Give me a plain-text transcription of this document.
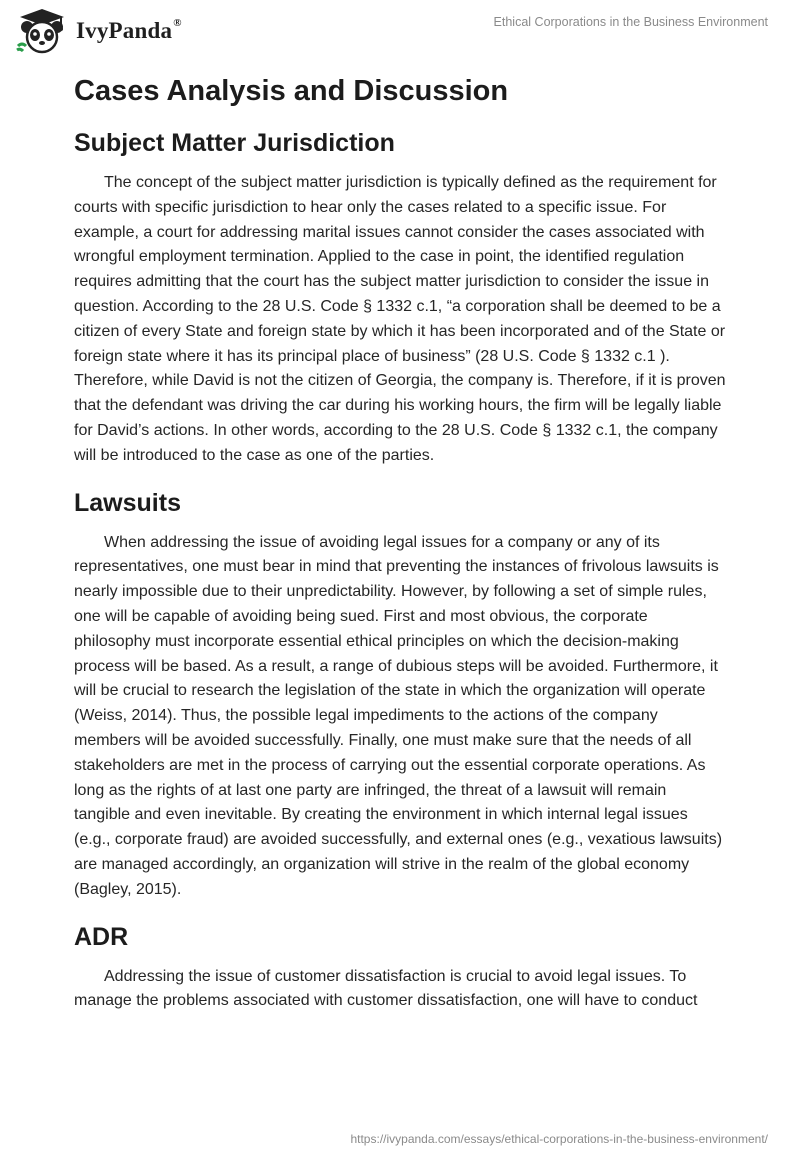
IvyPanda®	Ethical Corporations in the Business Environment
Cases Analysis and Discussion
Subject Matter Jurisdiction

The concept of the subject matter jurisdiction is typically defined as the requirement for courts with specific jurisdiction to hear only the cases related to a specific issue. For example, a court for addressing marital issues cannot consider the cases associated with wrongful employment termination. Applied to the case in point, the identified regulation requires admitting that the court has the subject matter jurisdiction to consider the issue in question. According to the 28 U.S. Code § 1332 c.1, “a corporation shall be deemed to be a citizen of every State and foreign state by which it has been incorporated and of the State or foreign state where it has its principal place of business” (28 U.S. Code § 1332 c.1 ). Therefore, while David is not the citizen of Georgia, the company is. Therefore, if it is proven that the defendant was driving the car during his working hours, the firm will be legally liable for David’s actions. In other words, according to the 28 U.S. Code § 1332 c.1, the company will be introduced to the case as one of the parties.

Lawsuits

When addressing the issue of avoiding legal issues for a company or any of its representatives, one must bear in mind that preventing the instances of frivolous lawsuits is nearly impossible due to their unpredictability. However, by following a set of simple rules, one will be capable of avoiding being sued. First and most obvious, the corporate philosophy must incorporate essential ethical principles on which the decision-making process will be based. As a result, a range of dubious steps will be avoided. Furthermore, it will be crucial to research the legislation of the state in which the organization will operate (Weiss, 2014). Thus, the possible legal impediments to the actions of the company members will be avoided successfully. Finally, one must make sure that the needs of all stakeholders are met in the process of carrying out the essential corporate operations. As long as the rights of at last one party are infringed, the threat of a lawsuit will remain tangible and even inevitable. By creating the environment in which internal legal issues (e.g., corporate fraud) are avoided successfully, and external ones (e.g., vexatious lawsuits) are managed accordingly, an organization will strive in the realm of the global economy (Bagley, 2015).

ADR

Addressing the issue of customer dissatisfaction is crucial to avoid legal issues. To manage the problems associated with customer dissatisfaction, one will have to conduct

https://ivypanda.com/essays/ethical-corporations-in-the-business-environment/
